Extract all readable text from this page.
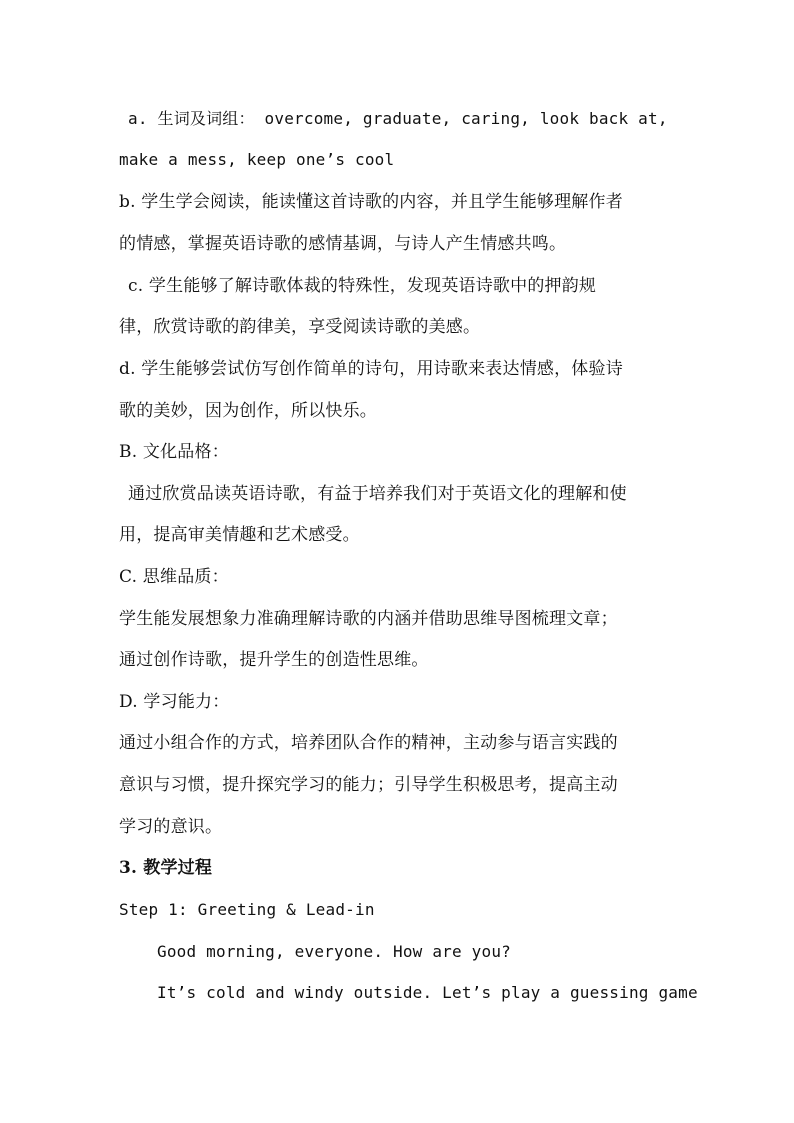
a. 生词及词组： overcome, graduate, caring, look back at,
make a mess, keep one’s cool
b. 学生学会阅读，能读懂这首诗歌的内容，并且学生能够理解作者
的情感，掌握英语诗歌的感情基调，与诗人产生情感共鸣。
c. 学生能够了解诗歌体裁的特殊性，发现英语诗歌中的押韵规
律，欣赏诗歌的韵律美，享受阅读诗歌的美感。
d. 学生能够尝试仿写创作简单的诗句，用诗歌来表达情感，体验诗
歌的美妙，因为创作，所以快乐。
B. 文化品格：
通过欣赏品读英语诗歌，有益于培养我们对于英语文化的理解和使
用，提高审美情趣和艺术感受。
C. 思维品质：
学生能发展想象力准确理解诗歌的内涵并借助思维导图梳理文章；
通过创作诗歌，提升学生的创造性思维。
D. 学习能力：
通过小组合作的方式，培养团队合作的精神，主动参与语言实践的
意识与习惯，提升探究学习的能力；引导学生积极思考，提高主动
学习的意识。
3. 教学过程
Step 1: Greeting & Lead-in
Good morning, everyone. How are you?
It’s cold and windy outside. Let’s play a guessing game
